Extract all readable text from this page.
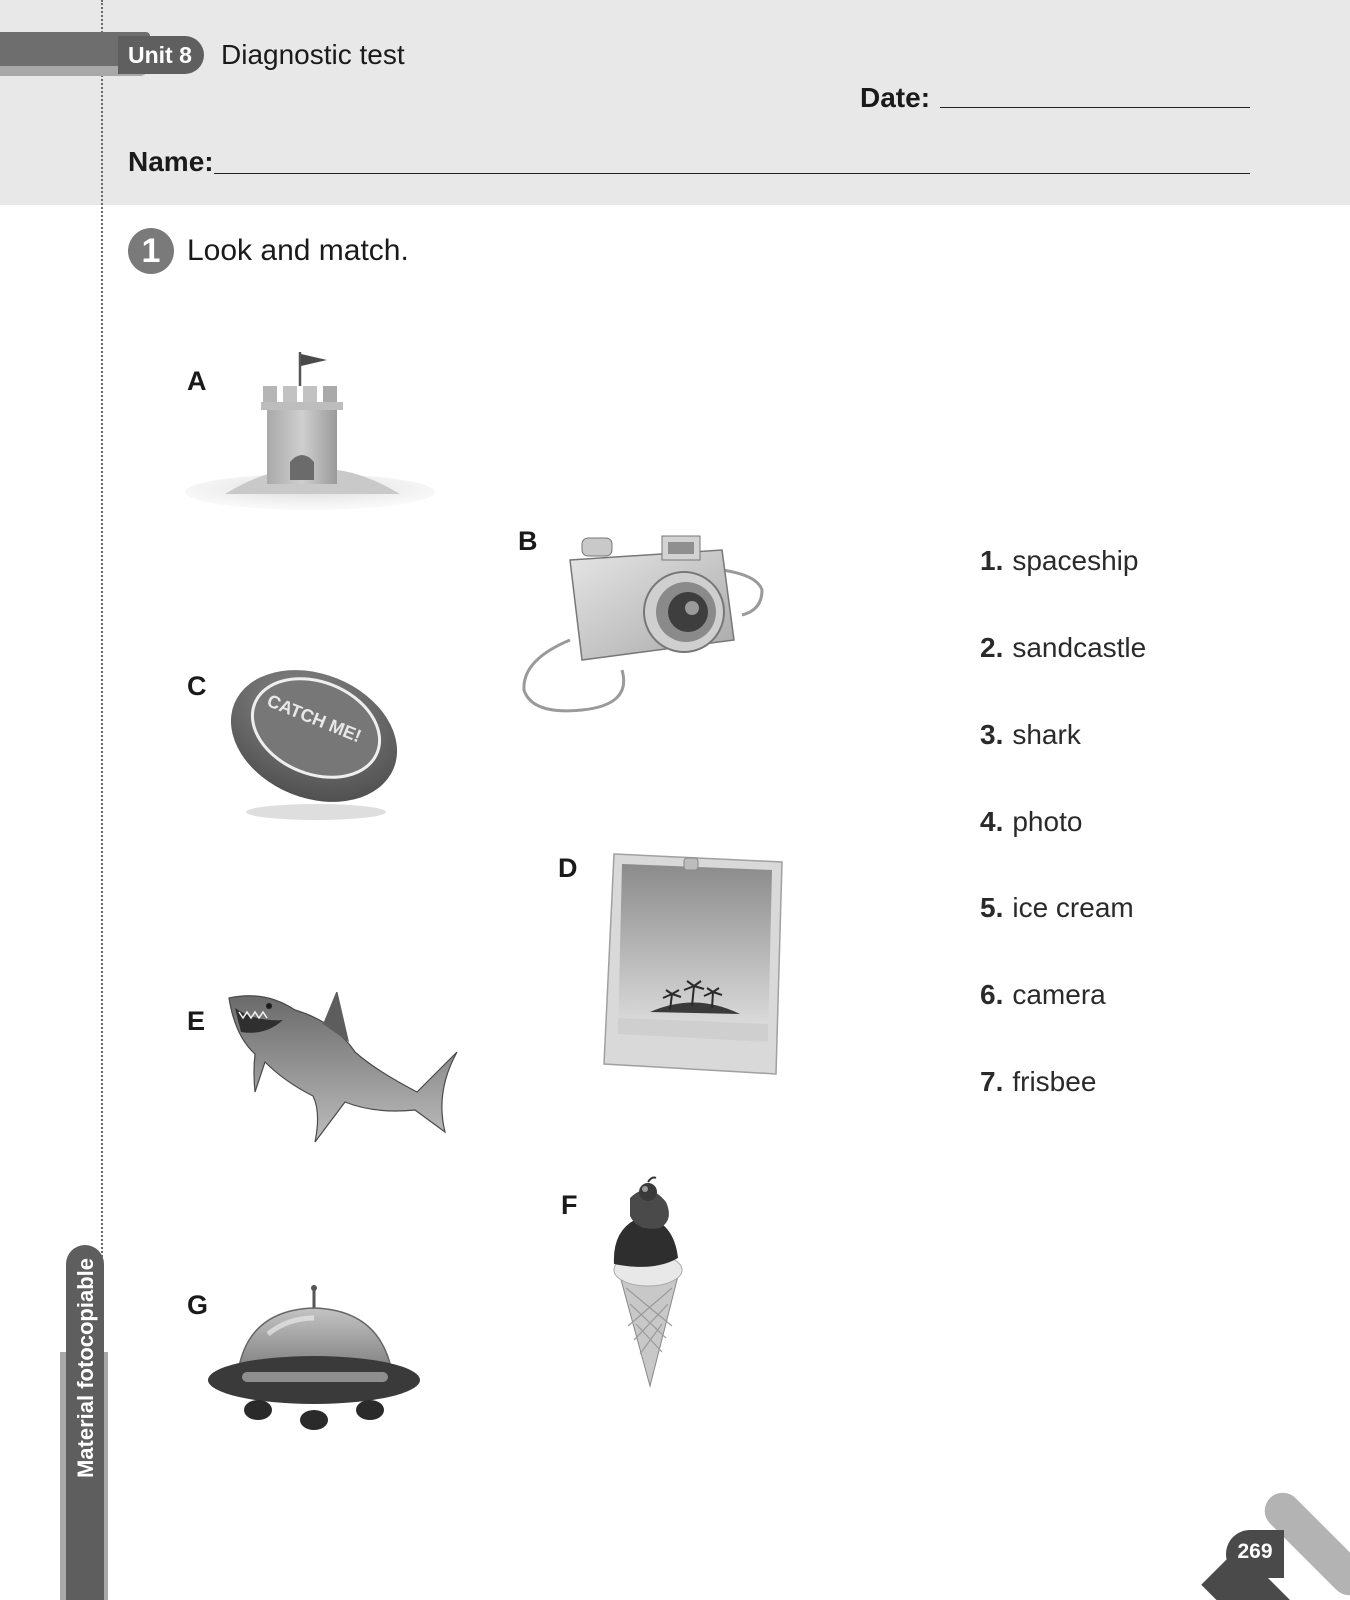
Unit 8	Diagnostic test
Date:
Name:
1 Look and match.
A
B
C
CATCH ME!
D
E
F
G
1. spaceship
2. sandcastle
3. shark
4. photo
5. ice cream
6. camera
7. frisbee
Material fotocopiable
269
